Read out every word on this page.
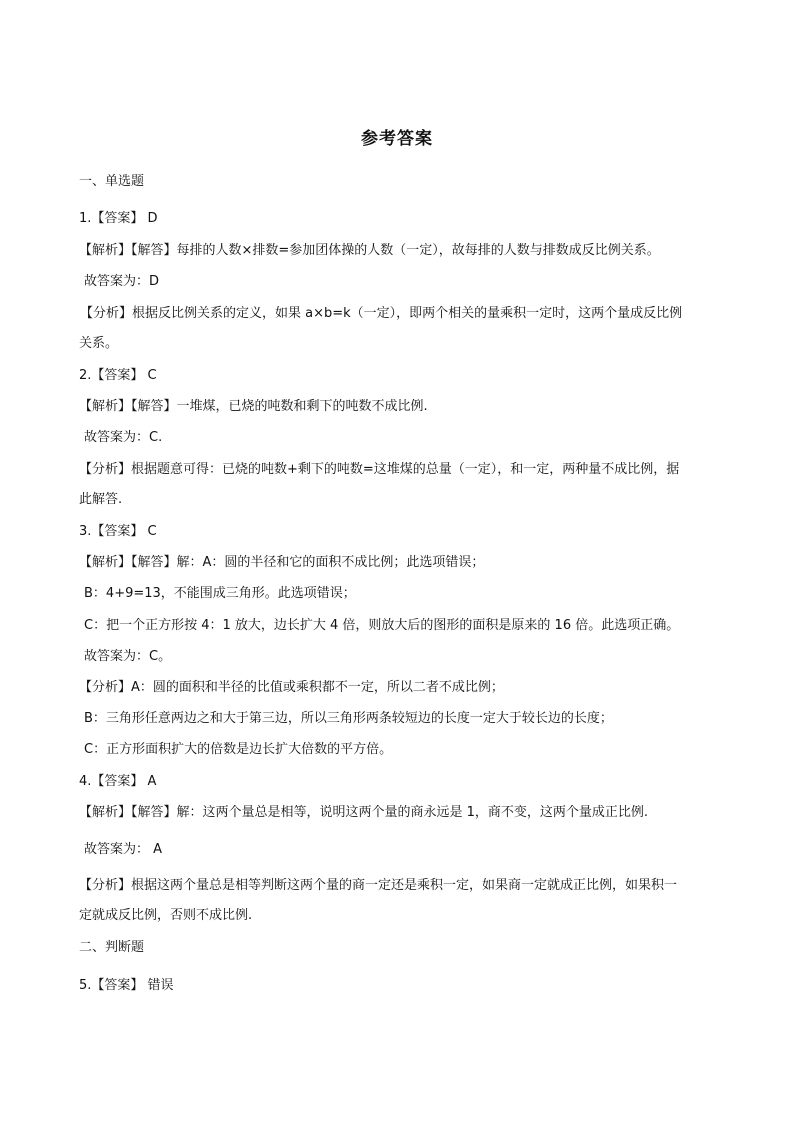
参考答案
一、单选题
1.【答案】 D
【解析】【解答】每排的人数×排数=参加团体操的人数（一定），故每排的人数与排数成反比例关系。
故答案为：D
【分析】根据反比例关系的定义，如果 a×b=k（一定），即两个相关的量乘积一定时，这两个量成反比例
关系。
2.【答案】 C
【解析】【解答】一堆煤，已烧的吨数和剩下的吨数不成比例.
故答案为：C.
【分析】根据题意可得：已烧的吨数+剩下的吨数=这堆煤的总量（一定），和一定，两种量不成比例，据
此解答.
3.【答案】 C
【解析】【解答】解：A：圆的半径和它的面积不成比例；此选项错误；
B：4+9=13，不能围成三角形。此选项错误；
C：把一个正方形按 4：1 放大，边长扩大 4 倍，则放大后的图形的面积是原来的 16 倍。此选项正确。
故答案为：C。
【分析】A：圆的面积和半径的比值或乘积都不一定，所以二者不成比例；
B：三角形任意两边之和大于第三边，所以三角形两条较短边的长度一定大于较长边的长度；
C：正方形面积扩大的倍数是边长扩大倍数的平方倍。
4.【答案】 A
【解析】【解答】解：这两个量总是相等，说明这两个量的商永远是 1，商不变，这两个量成正比例.
故答案为： A
【分析】根据这两个量总是相等判断这两个量的商一定还是乘积一定，如果商一定就成正比例，如果积一
定就成反比例，否则不成比例.
二、判断题
5.【答案】 错误
